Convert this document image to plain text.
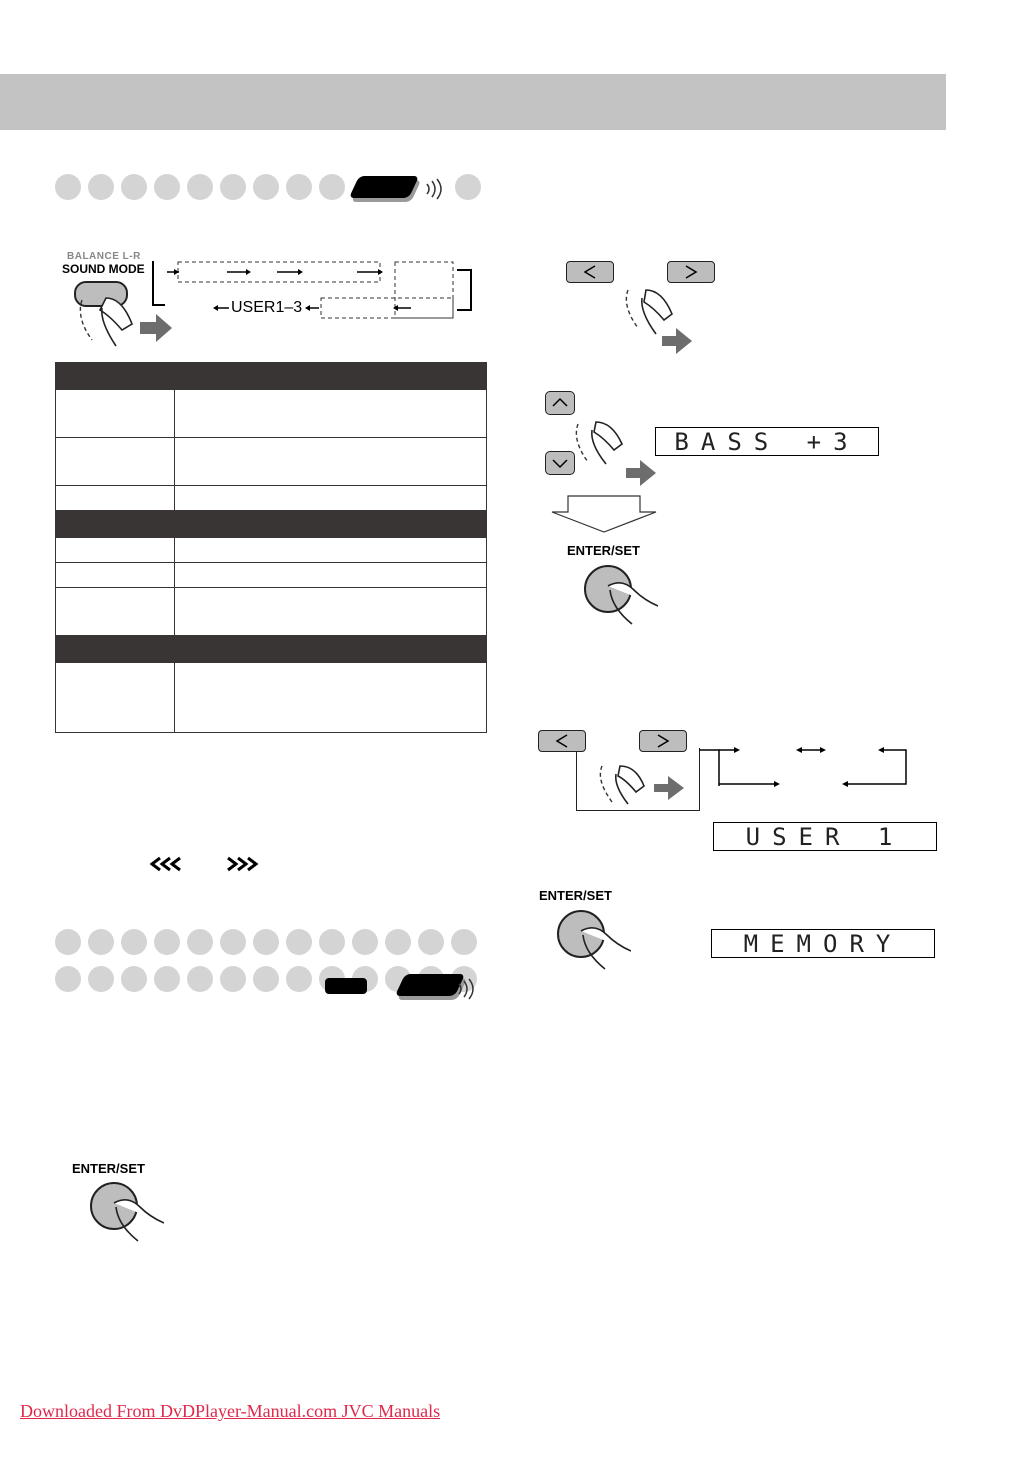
BALANCE L-R
SOUND MODE
USER1–3

ENTER/SET
BASS +3
ENTER/SET
USER 1
ENTER/SET
MEMORY
Downloaded From DvDPlayer-Manual.com JVC Manuals
